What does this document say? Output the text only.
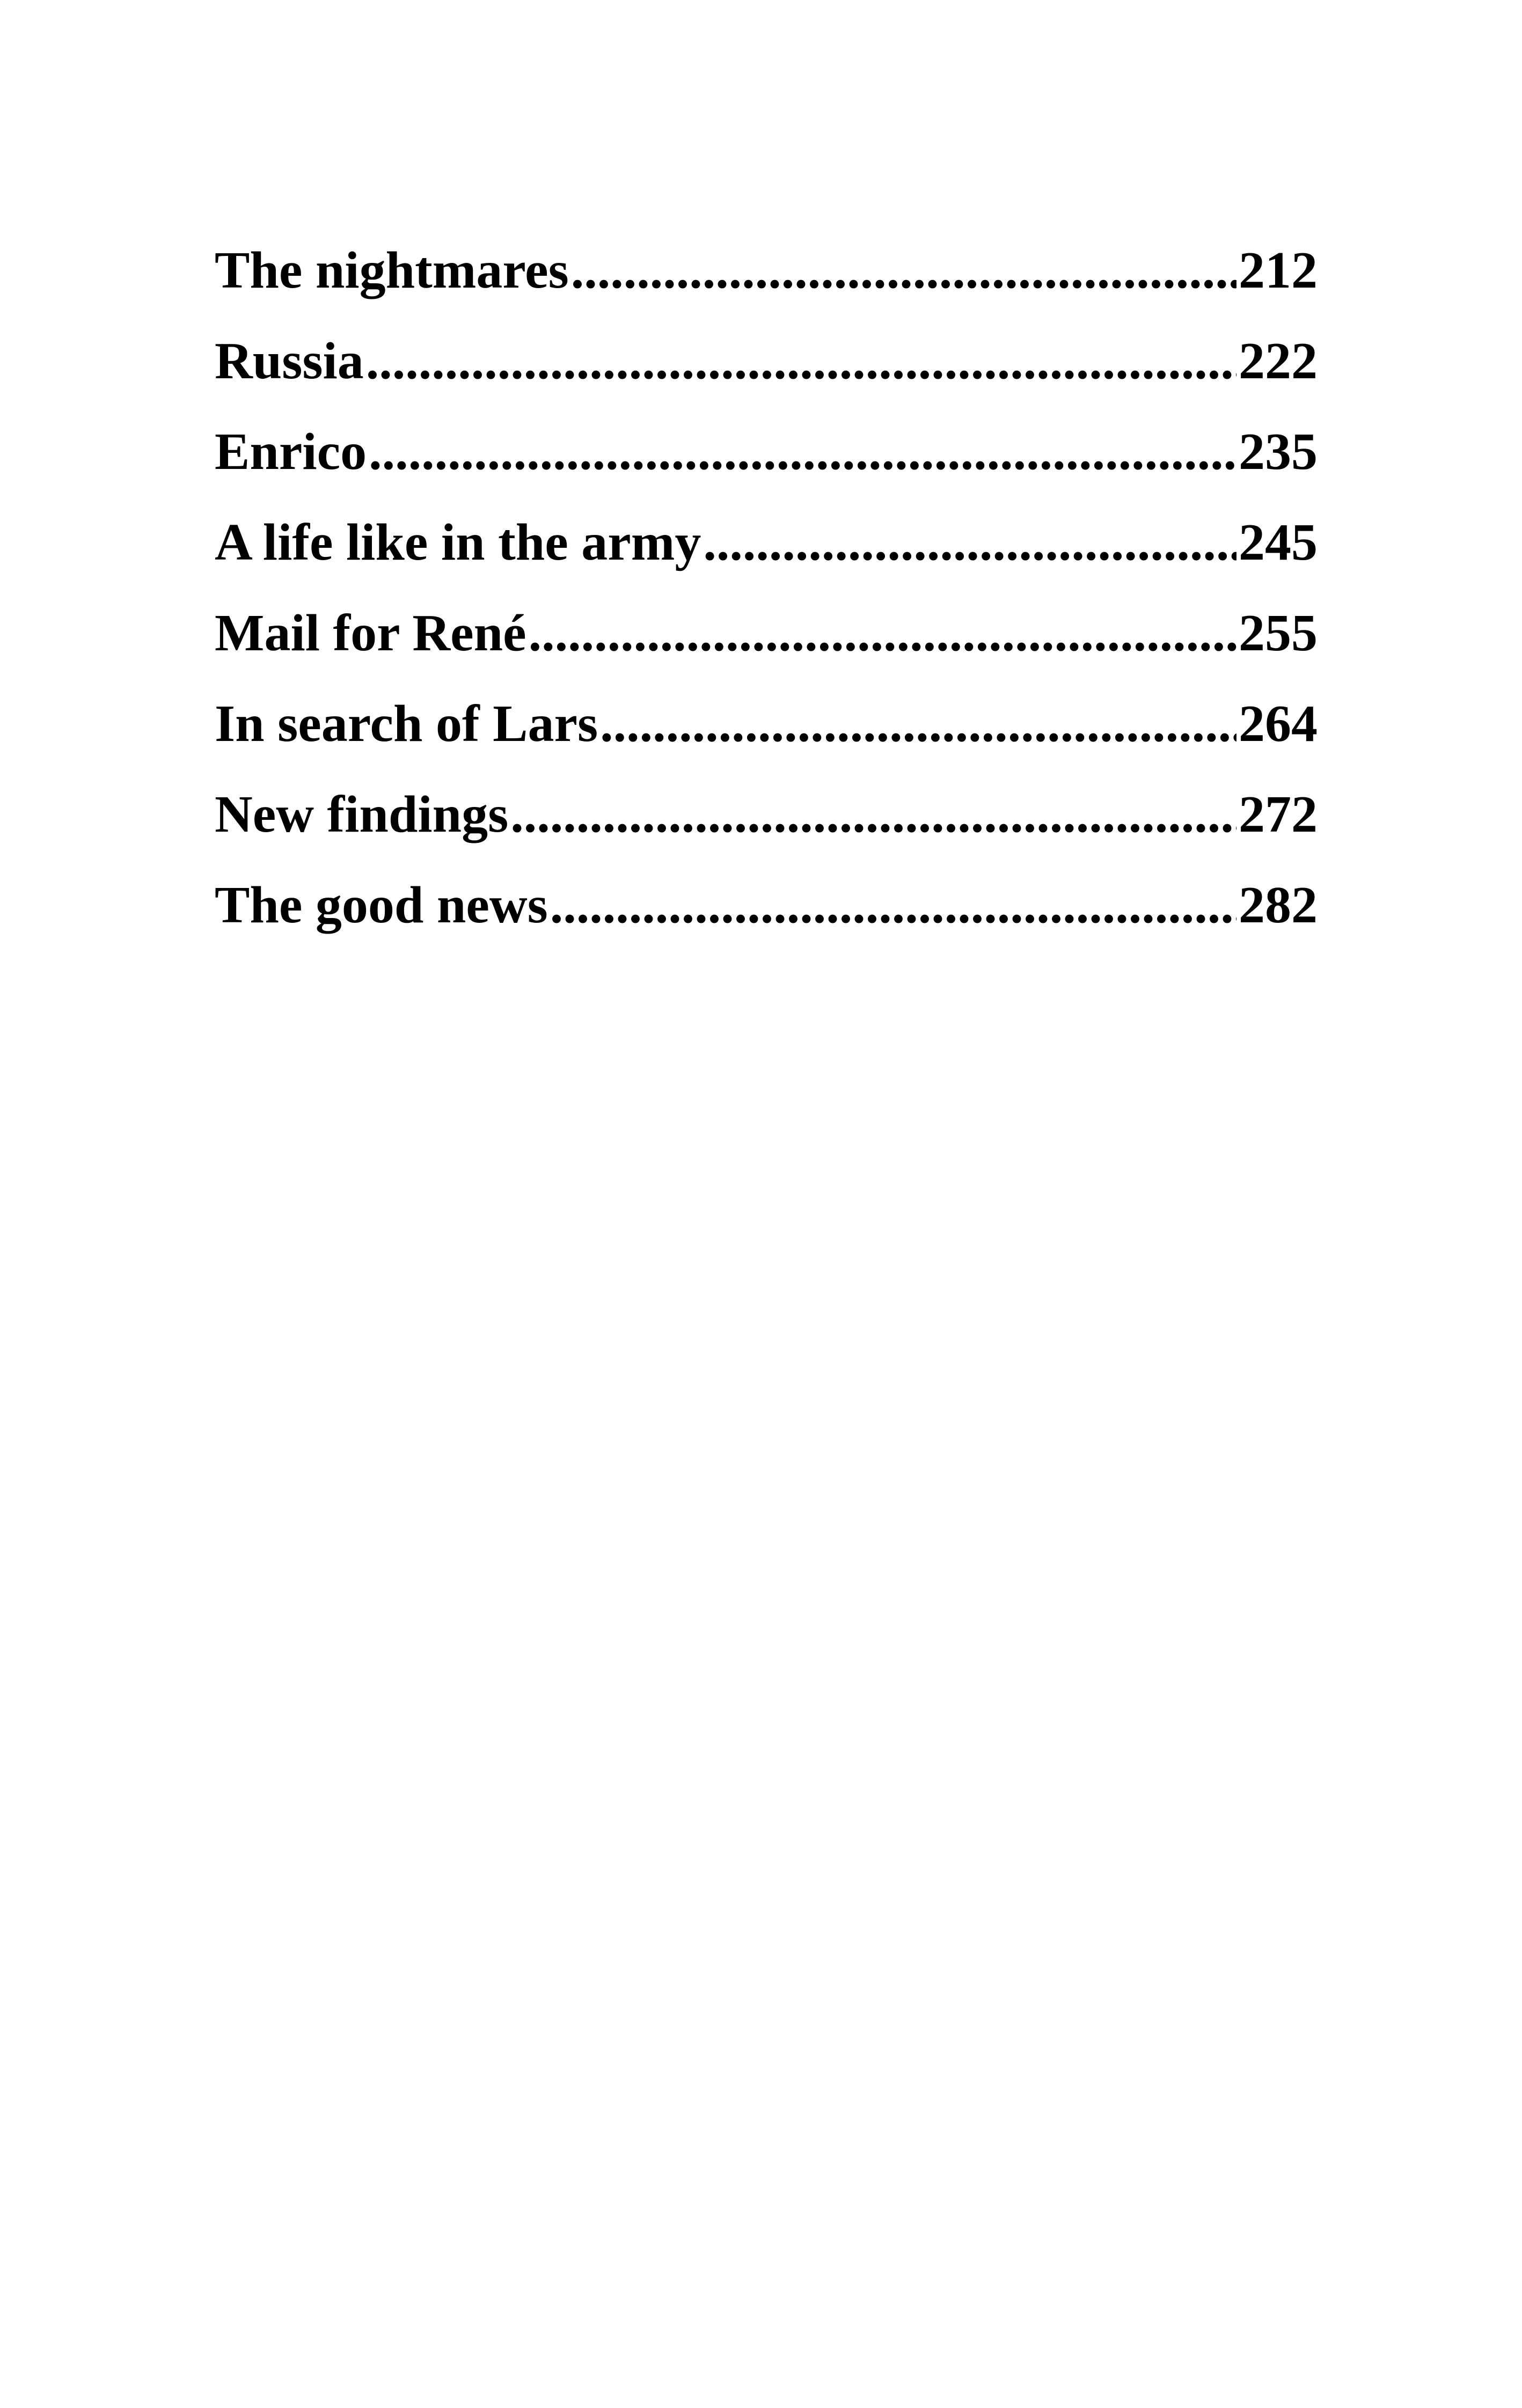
The nightmares .....	212
Russia .....	222
Enrico .....	235
A life like in the army .....	245
Mail for René .....	255
In search of Lars .....	264
New findings .....	272
The good news .....	282
